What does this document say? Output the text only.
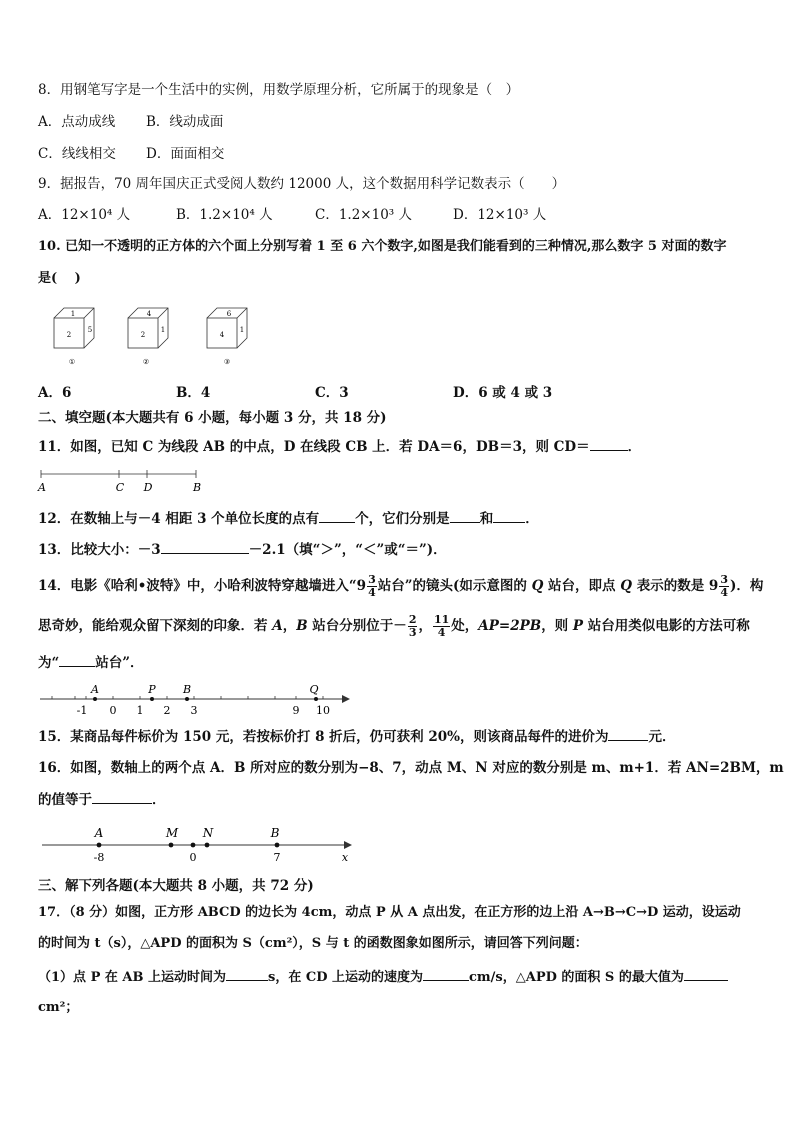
8．用钢笔写字是一个生活中的实例，用数学原理分析，它所属于的现象是（　）
A．点动成线 B．线动成面
C．线线相交 D．面面相交
9．据报告，70 周年国庆正式受阅人数约 12000 人，这个数据用科学记数表示（　　）
A．12×10⁴ 人	B．1.2×10⁴ 人	C．1.2×10³ 人	D．12×10³ 人
10. 已知一不透明的正方体的六个面上分别写着 1 至 6 六个数字,如图是我们能看到的三种情况,那么数字 5 对面的数字
是(　 )
1
2
5
①
4
2
1
②
6
4
1
③
A．6	B．4	C．3	D．6 或 4 或 3
二、填空题(本大题共有 6 小题，每小题 3 分，共 18 分)
11．如图，已知 C 为线段 AB 的中点，D 在线段 CB 上．若 DA＝6，DB＝3，则 CD＝	．
A	C D	B
12．在数轴上与－4 相距 3 个单位长度的点有	个，它们分别是 和 ．
13．比较大小：－3	－2.1（填“＞”，“＜”或“＝”)．
14．电影《哈利•波特》中，小哈利波特穿越墙进入“$9 \frac{3}{4}$ 站台”的镜头(如示意图的 Q 站台，即点 Q 表示的数是 $9 \frac{3}{4}$ )．构
思奇妙，能给观众留下深刻的印象．若 A，B 站台分别位于－ $\frac{2}{3}$ ， $\frac{11}{4}$ 处，AP=2PB，则 P 站台用类似电影的方法可称
为“	站台”．
A	P B	Q
-1 0 1 2 3	9 10
15．某商品每件标价为 150 元，若按标价打 8 折后，仍可获利 20%，则该商品每件的进价为	元．
16．如图，数轴上的两个点 A．B 所对应的数分别为−8、7，动点 M、N 对应的数分别是 m、m+1．若 AN=2BM，m
的值等于	．
A	M N	B
-8	0	7	x
三、解下列各题(本大题共 8 小题，共 72 分)
17．（8 分）如图，正方形 ABCD 的边长为 4cm，动点 P 从 A 点出发，在正方形的边上沿 A→B→C→D 运动，设运动
的时间为 t（s），△APD 的面积为 S（cm²），S 与 t 的函数图象如图所示，请回答下列问题：
（1）点 P 在 AB 上运动时间为	s，在 CD 上运动的速度为	cm/s，△APD 的面积 S 的最大值为
cm²；
